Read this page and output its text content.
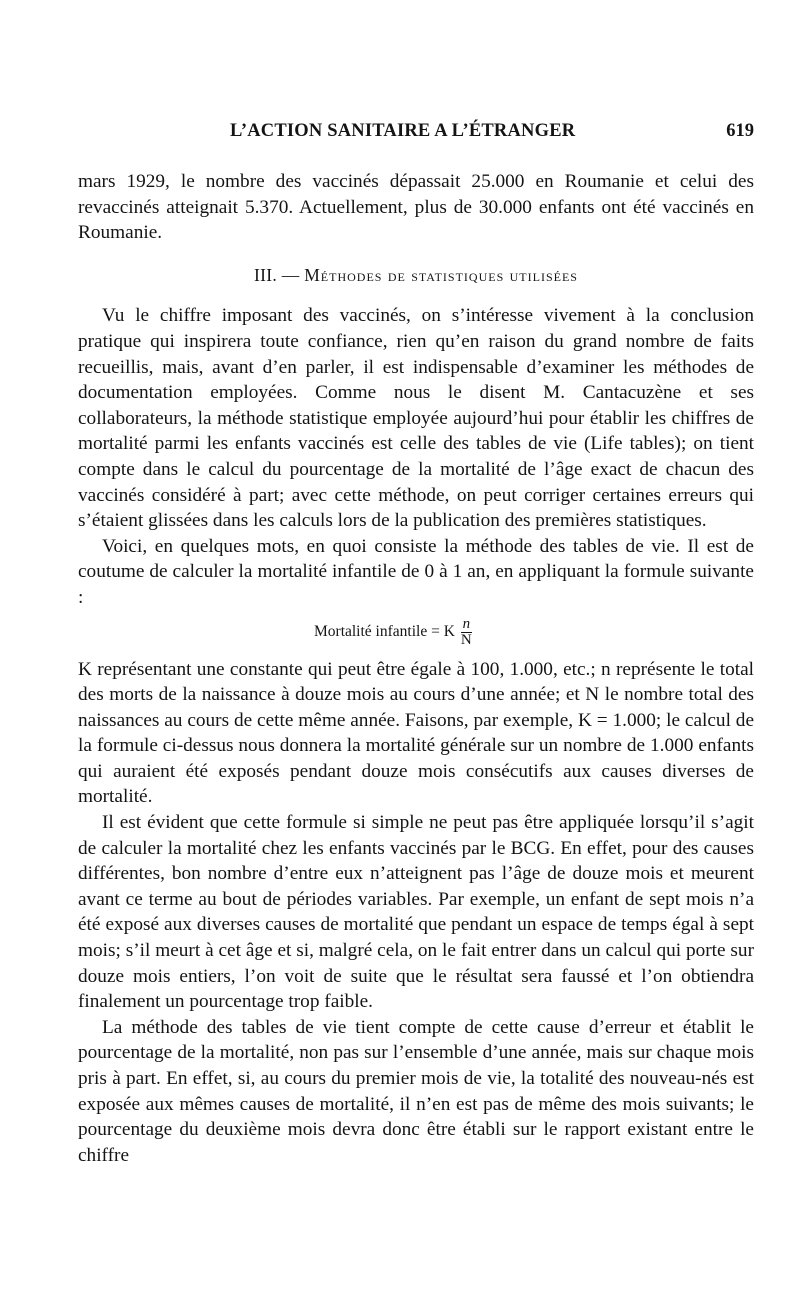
L’ACTION SANITAIRE A L’ÉTRANGER	619

mars 1929, le nombre des vaccinés dépassait 25.000 en Roumanie et celui des revaccinés atteignait 5.370. Actuellement, plus de 30.000 enfants ont été vaccinés en Roumanie.

III. — Méthodes de statistiques utilisées

Vu le chiffre imposant des vaccinés, on s’intéresse vivement à la conclusion pratique qui inspirera toute confiance, rien qu’en raison du grand nombre de faits recueillis, mais, avant d’en parler, il est indispensable d’examiner les méthodes de documentation employées. Comme nous le disent M. Cantacuzène et ses collaborateurs, la méthode statistique employée aujourd’hui pour établir les chiffres de mortalité parmi les enfants vaccinés est celle des tables de vie (Life tables); on tient compte dans le calcul du pourcentage de la mortalité de l’âge exact de chacun des vaccinés considéré à part; avec cette méthode, on peut corriger certaines erreurs qui s’étaient glissées dans les calculs lors de la publication des premières statistiques.

Voici, en quelques mots, en quoi consiste la méthode des tables de vie. Il est de coutume de calculer la mortalité infantile de 0 à 1 an, en appliquant la formule suivante :

Mortalité infantile = K $\frac{n}{N}$

K représentant une constante qui peut être égale à 100, 1.000, etc.; n représente le total des morts de la naissance à douze mois au cours d’une année; et N le nombre total des naissances au cours de cette même année. Faisons, par exemple, K = 1.000; le calcul de la formule ci-dessus nous donnera la mortalité générale sur un nombre de 1.000 enfants qui auraient été exposés pendant douze mois consécutifs aux causes diverses de mortalité.

Il est évident que cette formule si simple ne peut pas être appliquée lorsqu’il s’agit de calculer la mortalité chez les enfants vaccinés par le BCG. En effet, pour des causes différentes, bon nombre d’entre eux n’atteignent pas l’âge de douze mois et meurent avant ce terme au bout de périodes variables. Par exemple, un enfant de sept mois n’a été exposé aux diverses causes de mortalité que pendant un espace de temps égal à sept mois; s’il meurt à cet âge et si, malgré cela, on le fait entrer dans un calcul qui porte sur douze mois entiers, l’on voit de suite que le résultat sera faussé et l’on obtiendra finalement un pourcentage trop faible.

La méthode des tables de vie tient compte de cette cause d’erreur et établit le pourcentage de la mortalité, non pas sur l’ensemble d’une année, mais sur chaque mois pris à part. En effet, si, au cours du premier mois de vie, la totalité des nouveau-nés est exposée aux mêmes causes de mortalité, il n’en est pas de même des mois suivants; le pourcentage du deuxième mois devra donc être établi sur le rapport existant entre le chiffre
